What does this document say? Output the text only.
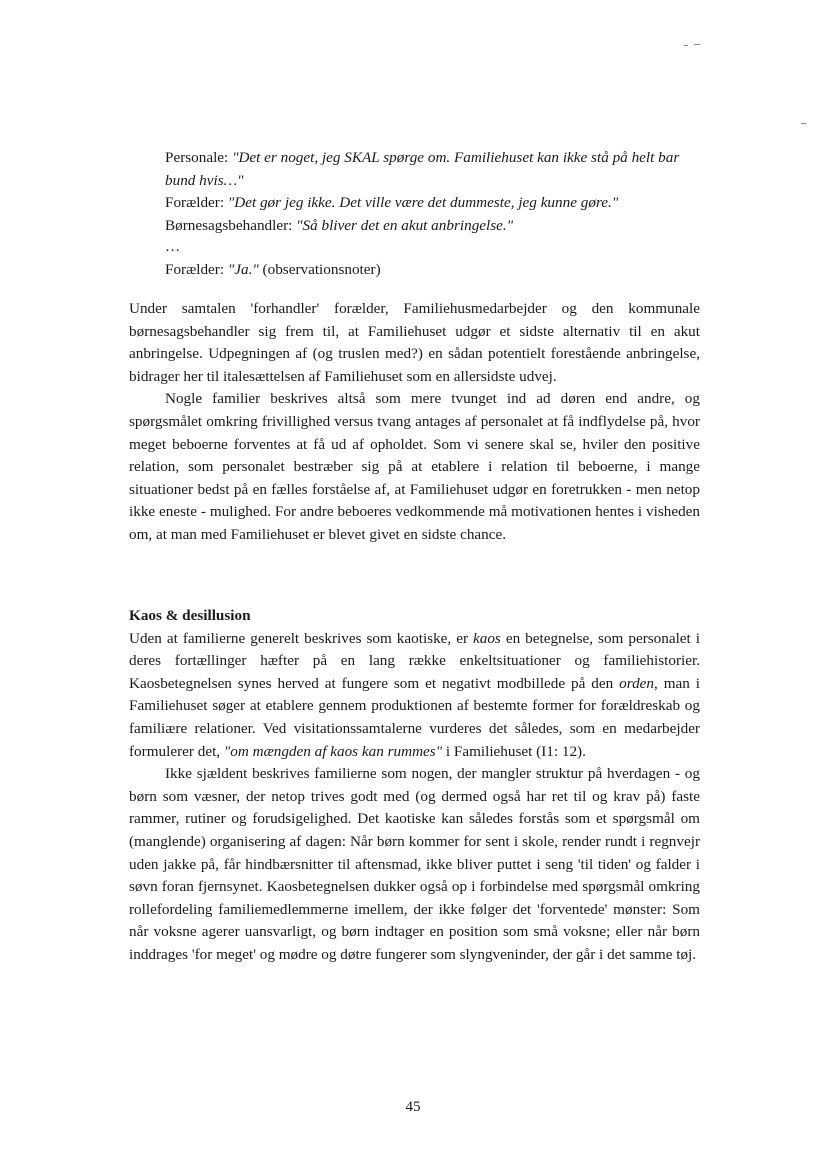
Personale: "Det er noget, jeg SKAL spørge om. Familiehuset kan ikke stå på helt bar bund hvis…"

Forælder: "Det gør jeg ikke. Det ville være det dummeste, jeg kunne gøre."

Børnesagsbehandler: "Så bliver det en akut anbringelse."

…

Forælder: "Ja." (observationsnoter)

Under samtalen 'forhandler' forælder, Familiehusmedarbejder og den kommunale børnesagsbehandler sig frem til, at Familiehuset udgør et sidste alternativ til en akut anbringelse. Udpegningen af (og truslen med?) en sådan potentielt forestående anbringelse, bidrager her til italesættelsen af Familiehuset som en allersidste udvej.

Nogle familier beskrives altså som mere tvunget ind ad døren end andre, og spørgsmålet omkring frivillighed versus tvang antages af personalet at få indflydelse på, hvor meget beboerne forventes at få ud af opholdet. Som vi senere skal se, hviler den positive relation, som personalet bestræber sig på at etablere i relation til beboerne, i mange situationer bedst på en fælles forståelse af, at Familiehuset udgør en foretrukken - men netop ikke eneste - mulighed. For andre beboeres vedkommende må motivationen hentes i visheden om, at man med Familiehuset er blevet givet en sidste chance.

Kaos & desillusion

Uden at familierne generelt beskrives som kaotiske, er kaos en betegnelse, som personalet i deres fortællinger hæfter på en lang række enkeltsituationer og familiehistorier. Kaosbetegnelsen synes herved at fungere som et negativt modbillede på den orden, man i Familiehuset søger at etablere gennem produktionen af bestemte former for forældreskab og familiære relationer. Ved visitationssamtalerne vurderes det således, som en medarbejder formulerer det, "om mængden af kaos kan rummes" i Familiehuset (I1: 12).

Ikke sjældent beskrives familierne som nogen, der mangler struktur på hverdagen - og børn som væsner, der netop trives godt med (og dermed også har ret til og krav på) faste rammer, rutiner og forudsigelighed. Det kaotiske kan således forstås som et spørgsmål om (manglende) organisering af dagen: Når børn kommer for sent i skole, render rundt i regnvejr uden jakke på, får hindbærsnitter til aftensmad, ikke bliver puttet i seng 'til tiden' og falder i søvn foran fjernsynet. Kaosbetegnelsen dukker også op i forbindelse med spørgsmål omkring rollefordeling familiemedlemmerne imellem, der ikke følger det 'forventede' mønster: Som når voksne agerer uansvarligt, og børn indtager en position som små voksne; eller når børn inddrages 'for meget' og mødre og døtre fungerer som slyngveninder, der går i det samme tøj.

45
